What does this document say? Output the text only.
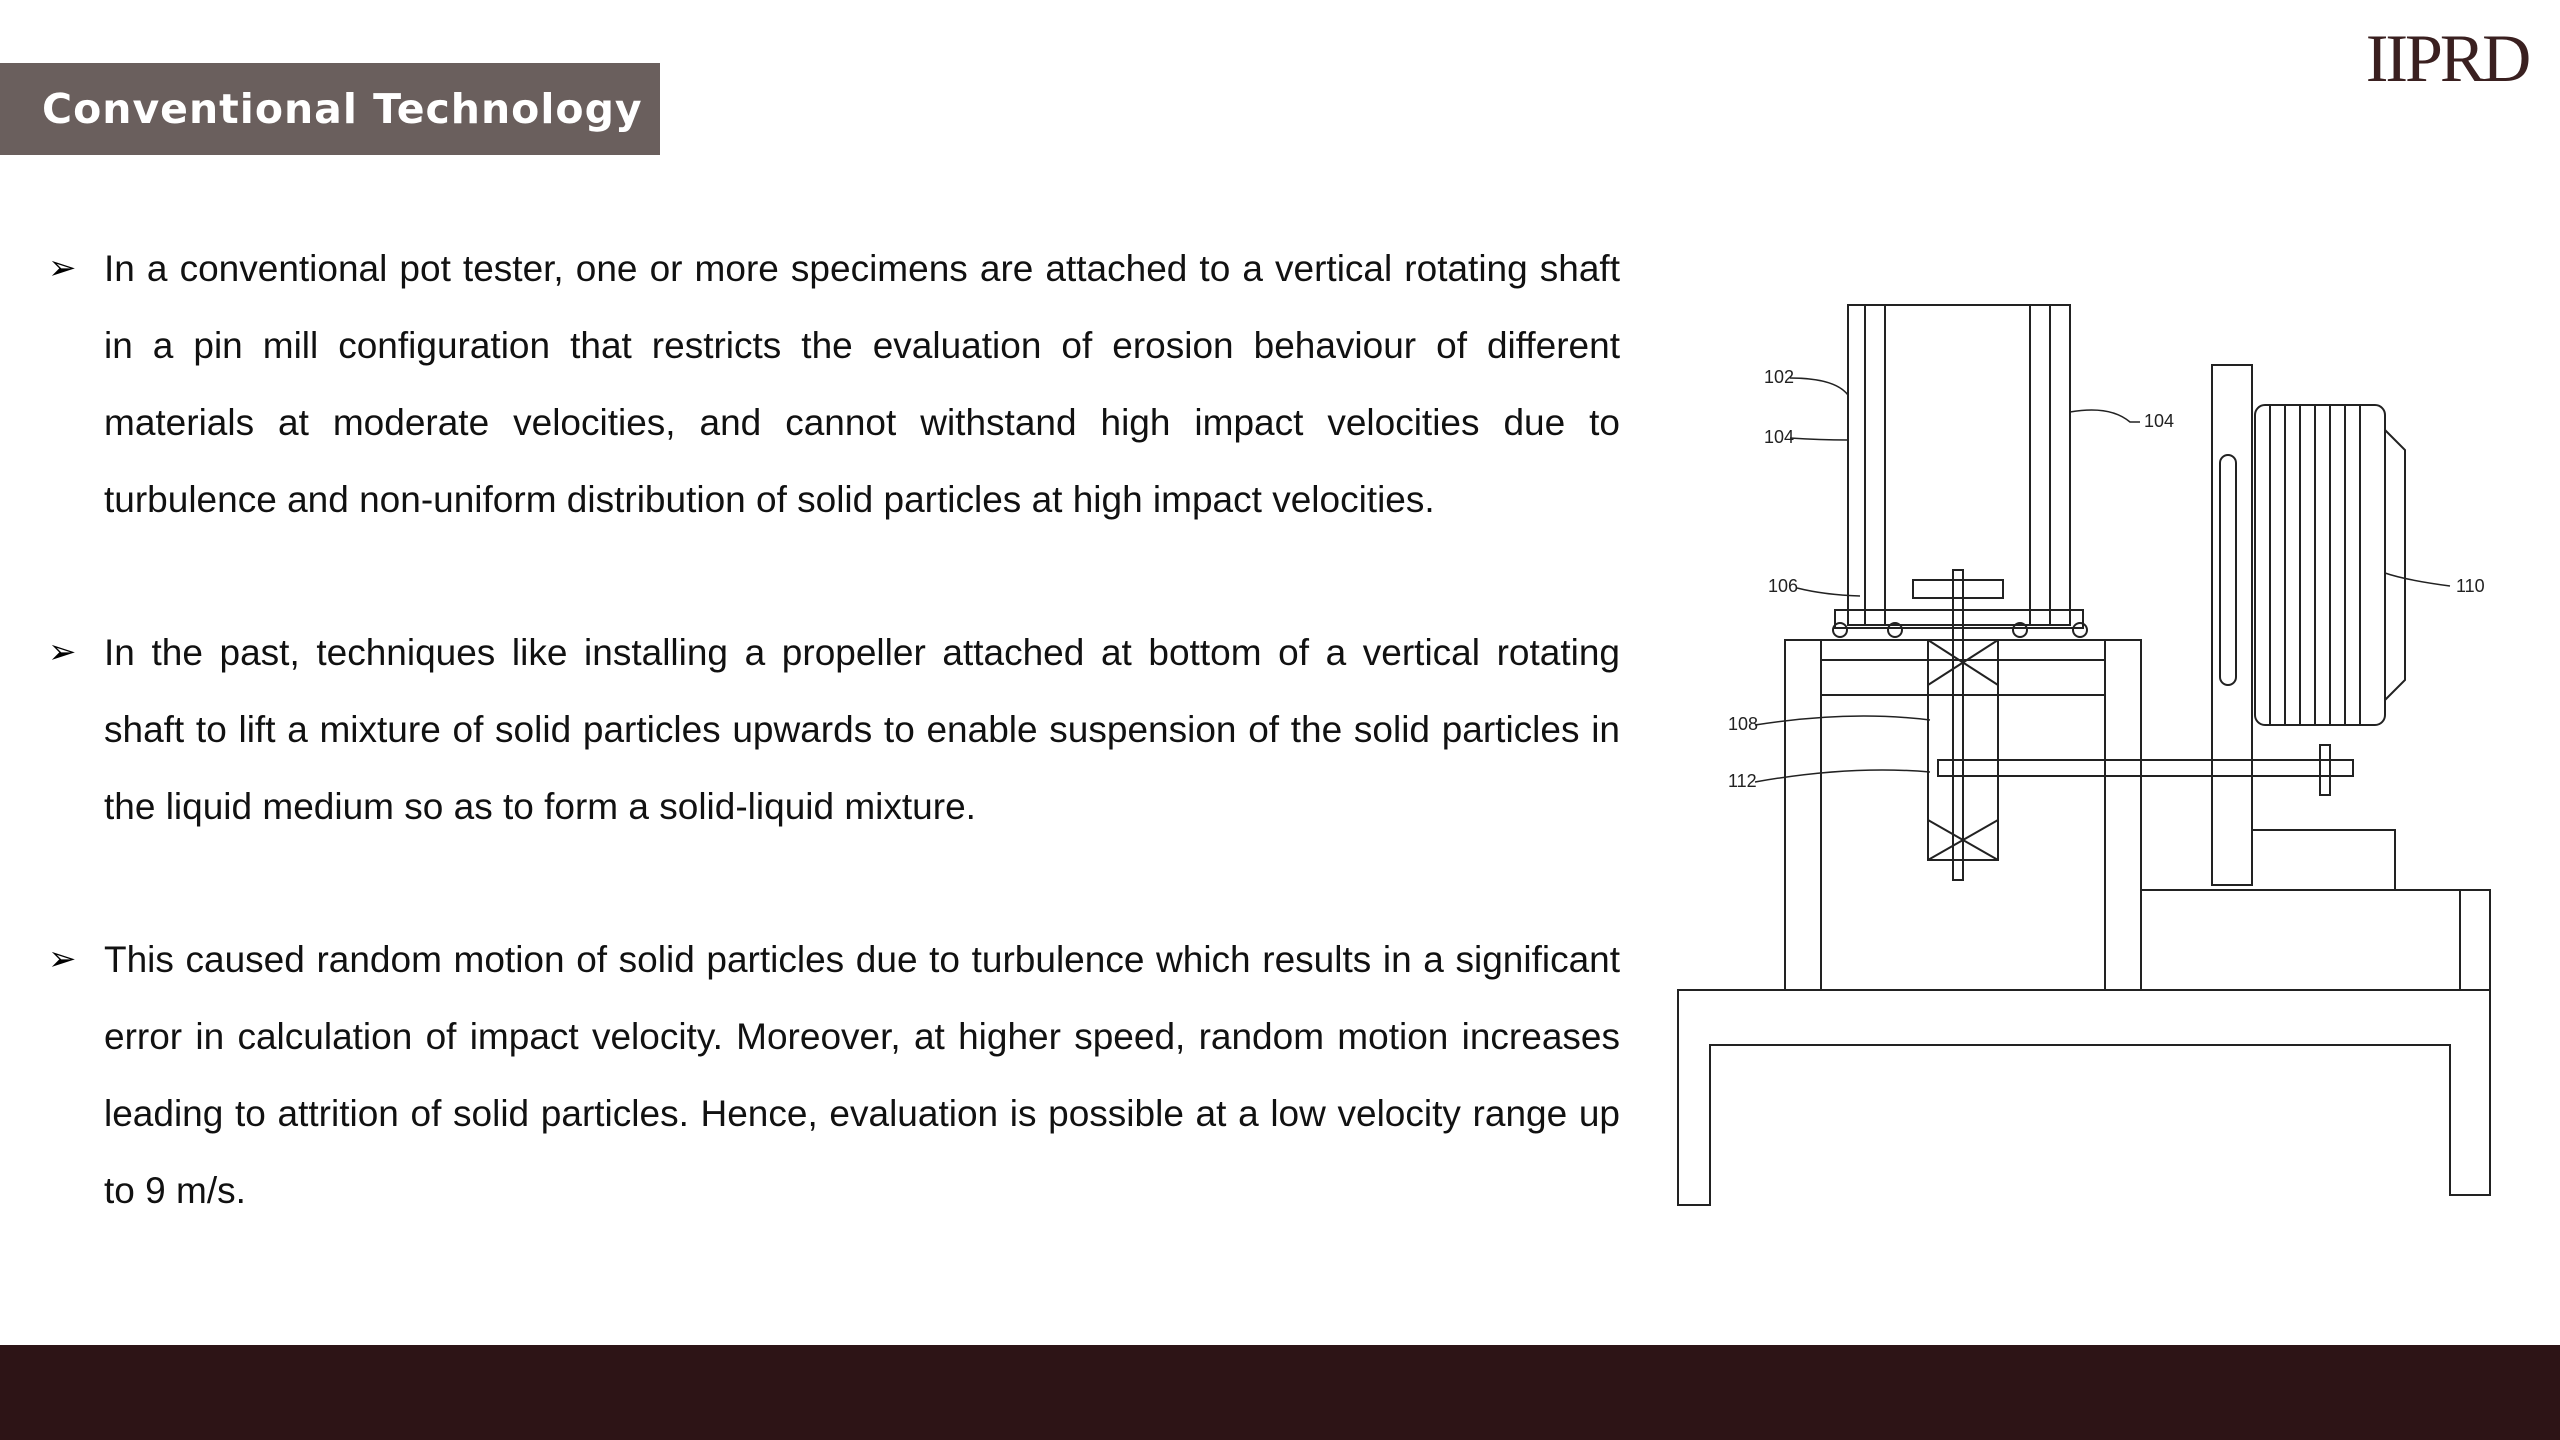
Conventional Technology
IIPRD
➢ In a conventional pot tester, one or more specimens are attached to a vertical rotating shaft in a pin mill configuration that restricts the evaluation of erosion behaviour of different materials at moderate velocities, and cannot withstand high impact velocities due to turbulence and non-uniform distribution of solid particles at high impact velocities.
➢ In the past, techniques like installing a propeller attached at bottom of a vertical rotating shaft to lift a mixture of solid particles upwards to enable suspension of the solid particles in the liquid medium so as to form a solid-liquid mixture.
➢ This caused random motion of solid particles due to turbulence which results in a significant error in calculation of impact velocity. Moreover, at higher speed, random motion increases leading to attrition of solid particles. Hence, evaluation is possible at a low velocity range up to 9 m/s.
102
104
104
106
108
112
110
